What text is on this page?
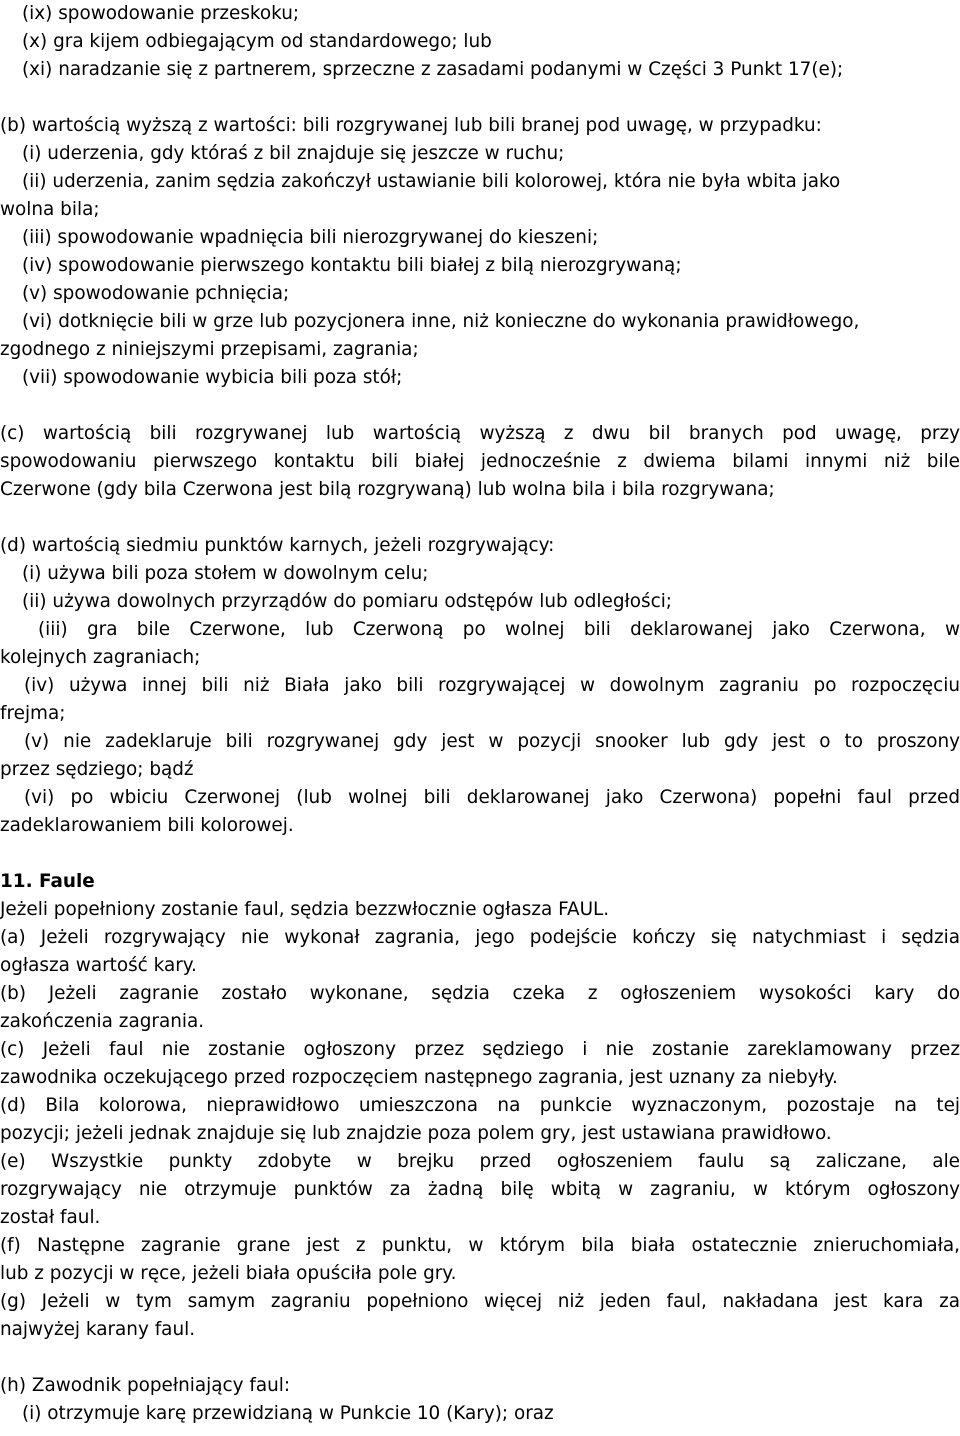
(ix) spowodowanie przeskoku;
(x) gra kijem odbiegającym od standardowego; lub
(xi) naradzanie się z partnerem, sprzeczne z zasadami podanymi w Części 3 Punkt 17(e);
(b) wartością wyższą z wartości: bili rozgrywanej lub bili branej pod uwagę, w przypadku:
(i) uderzenia, gdy któraś z bil znajduje się jeszcze w ruchu;
(ii) uderzenia, zanim sędzia zakończył ustawianie bili kolorowej, która nie była wbita jako
wolna bila;
(iii) spowodowanie wpadnięcia bili nierozgrywanej do kieszeni;
(iv) spowodowanie pierwszego kontaktu bili białej z bilą nierozgrywaną;
(v) spowodowanie pchnięcia;
(vi) dotknięcie bili w grze lub pozycjonera inne, niż konieczne do wykonania prawidłowego,
zgodnego z niniejszymi przepisami, zagrania;
(vii) spowodowanie wybicia bili poza stół;
(c) wartością bili rozgrywanej lub wartością wyższą z dwu bil branych pod uwagę, przy
spowodowaniu pierwszego kontaktu bili białej jednocześnie z dwiema bilami innymi niż bile
Czerwone (gdy bila Czerwona jest bilą rozgrywaną) lub wolna bila i bila rozgrywana;
(d) wartością siedmiu punktów karnych, jeżeli rozgrywający:
(i) używa bili poza stołem w dowolnym celu;
(ii) używa dowolnych przyrządów do pomiaru odstępów lub odległości;
(iii) gra bile Czerwone, lub Czerwoną po wolnej bili deklarowanej jako Czerwona, w
kolejnych zagraniach;
(iv) używa innej bili niż Biała jako bili rozgrywającej w dowolnym zagraniu po rozpoczęciu
frejma;
(v) nie zadeklaruje bili rozgrywanej gdy jest w pozycji snooker lub gdy jest o to proszony
przez sędziego; bądź
(vi) po wbiciu Czerwonej (lub wolnej bili deklarowanej jako Czerwona) popełni faul przed
zadeklarowaniem bili kolorowej.
11. Faule
Jeżeli popełniony zostanie faul, sędzia bezzwłocznie ogłasza FAUL.
(a) Jeżeli rozgrywający nie wykonał zagrania, jego podejście kończy się natychmiast i sędzia
ogłasza wartość kary.
(b) Jeżeli zagranie zostało wykonane, sędzia czeka z ogłoszeniem wysokości kary do
zakończenia zagrania.
(c) Jeżeli faul nie zostanie ogłoszony przez sędziego i nie zostanie zareklamowany przez
zawodnika oczekującego przed rozpoczęciem następnego zagrania, jest uznany za niebyły.
(d) Bila kolorowa, nieprawidłowo umieszczona na punkcie wyznaczonym, pozostaje na tej
pozycji; jeżeli jednak znajduje się lub znajdzie poza polem gry, jest ustawiana prawidłowo.
(e) Wszystkie punkty zdobyte w brejku przed ogłoszeniem faulu są zaliczane, ale
rozgrywający nie otrzymuje punktów za żadną bilę wbitą w zagraniu, w którym ogłoszony
został faul.
(f) Następne zagranie grane jest z punktu, w którym bila biała ostatecznie znieruchomiała,
lub z pozycji w ręce, jeżeli biała opuściła pole gry.
(g) Jeżeli w tym samym zagraniu popełniono więcej niż jeden faul, nakładana jest kara za
najwyżej karany faul.
(h) Zawodnik popełniający faul:
(i) otrzymuje karę przewidzianą w Punkcie 10 (Kary); oraz
